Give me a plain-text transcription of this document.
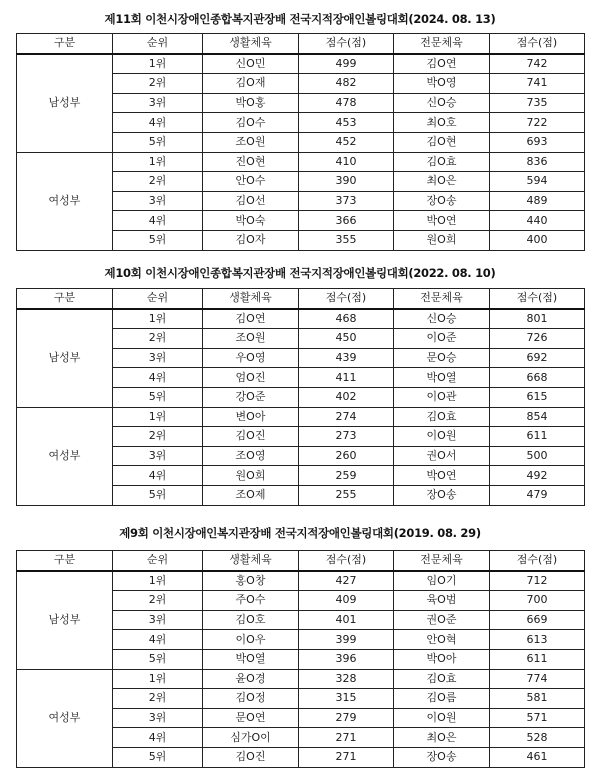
제11회 이천시장애인종합복지관장배 전국지적장애인볼링대회(2024. 08. 13)
구분	순위	생활체육	점수(점)	전문체육	점수(점)
남성부	1위	신O민	499	김O연	742
	2위	김O재	482	박O영	741
	3위	박O홍	478	신O승	735
	4위	김O수	453	최O호	722
	5위	조O원	452	김O현	693
여성부	1위	진O현	410	김O효	836
	2위	안O수	390	최O은	594
	3위	김O선	373	장O송	489
	4위	박O숙	366	박O연	440
	5위	김O자	355	원O희	400
제10회 이천시장애인종합복지관장배 전국지적장애인볼링대회(2022. 08. 10)
구분	순위	생활체육	점수(점)	전문체육	점수(점)
남성부	1위	김O연	468	신O승	801
	2위	조O원	450	이O준	726
	3위	우O영	439	문O승	692
	4위	엄O진	411	박O열	668
	5위	강O준	402	이O관	615
여성부	1위	변O아	274	김O효	854
	2위	김O진	273	이O원	611
	3위	조O영	260	권O서	500
	4위	원O희	259	박O연	492
	5위	조O제	255	장O송	479
제9회 이천시장애인복지관장배 전국지적장애인볼링대회(2019. 08. 29)
구분	순위	생활체육	점수(점)	전문체육	점수(점)
남성부	1위	홍O창	427	임O기	712
	2위	주O수	409	육O범	700
	3위	김O호	401	권O준	669
	4위	이O우	399	안O혁	613
	5위	박O열	396	박O아	611
여성부	1위	윤O경	328	김O효	774
	2위	김O정	315	김O름	581
	3위	문O연	279	이O원	571
	4위	심가O이	271	최O은	528
	5위	김O진	271	장O송	461
